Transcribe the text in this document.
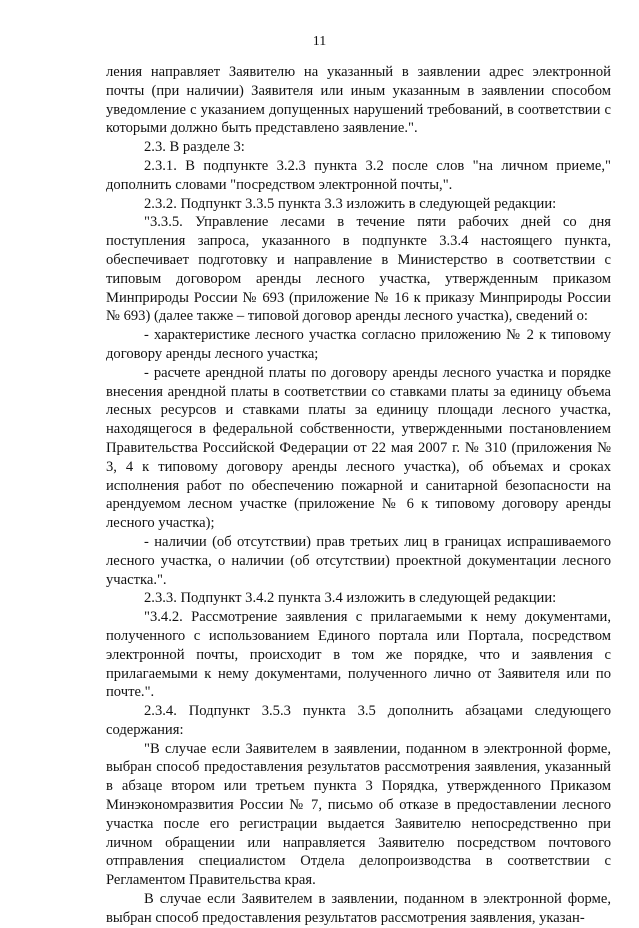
11

ления направляет Заявителю на указанный в заявлении адрес электронной почты (при наличии) Заявителя или иным указанным в заявлении способом уведомление с указанием допущенных нарушений требований, в соответствии с которыми должно быть представлено заявление.".

2.3. В разделе 3:

2.3.1. В подпункте 3.2.3 пункта 3.2 после слов "на личном приеме," дополнить словами "посредством электронной почты,".

2.3.2. Подпункт 3.3.5 пункта 3.3 изложить в следующей редакции:

"3.3.5. Управление лесами в течение пяти рабочих дней со дня поступления запроса, указанного в подпункте 3.3.4 настоящего пункта, обеспечивает подготовку и направление в Министерство в соответствии с типовым договором аренды лесного участка, утвержденным приказом Минприроды России № 693 (приложение № 16 к приказу Минприроды России № 693) (далее также – типовой договор аренды лесного участка), сведений о:

- характеристике лесного участка согласно приложению № 2 к типовому договору аренды лесного участка;

- расчете арендной платы по договору аренды лесного участка и порядке внесения арендной платы в соответствии со ставками платы за единицу объема лесных ресурсов и ставками платы за единицу площади лесного участка, находящегося в федеральной собственности, утвержденными постановлением Правительства Российской Федерации от 22 мая 2007 г. № 310 (приложения № 3, 4 к типовому договору аренды лесного участка), об объемах и сроках исполнения работ по обеспечению пожарной и санитарной безопасности на арендуемом лесном участке (приложение № 6 к типовому договору аренды лесного участка);

- наличии (об отсутствии) прав третьих лиц в границах испрашиваемого лесного участка, о наличии (об отсутствии) проектной документации лесного участка.".

2.3.3. Подпункт 3.4.2 пункта 3.4 изложить в следующей редакции:

"3.4.2. Рассмотрение заявления с прилагаемыми к нему документами, полученного с использованием Единого портала или Портала, посредством электронной почты, происходит в том же порядке, что и заявления с прилагаемыми к нему документами, полученного лично от Заявителя или по почте.".

2.3.4. Подпункт 3.5.3 пункта 3.5 дополнить абзацами следующего содержания:

"В случае если Заявителем в заявлении, поданном в электронной форме, выбран способ предоставления результатов рассмотрения заявления, указанный в абзаце втором или третьем пункта 3 Порядка, утвержденного Приказом Минэкономразвития России № 7, письмо об отказе в предоставлении лесного участка после его регистрации выдается Заявителю непосредственно при личном обращении или направляется Заявителю посредством почтового отправления специалистом Отдела делопроизводства в соответствии с Регламентом Правительства края.

В случае если Заявителем в заявлении, поданном в электронной форме, выбран способ предоставления результатов рассмотрения заявления, указан-
